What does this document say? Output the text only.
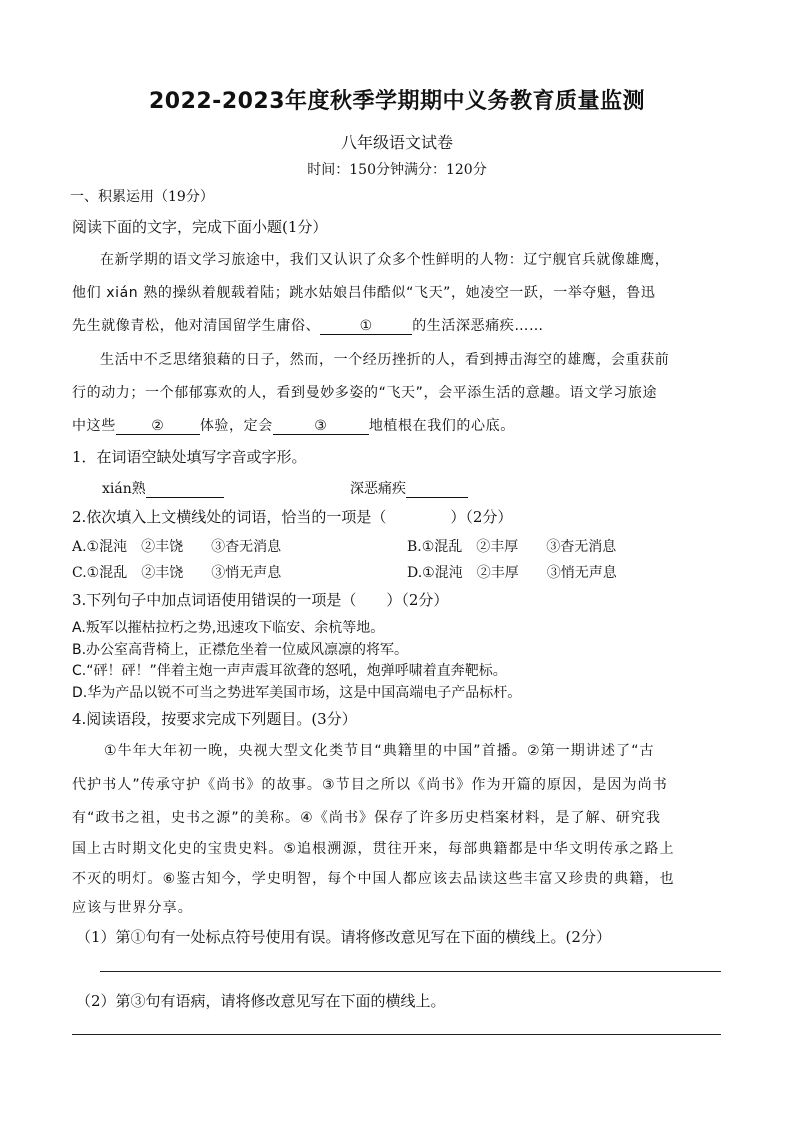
2022-2023年度秋季学期期中义务教育质量监测
八年级语文试卷
时间：150分钟满分：120分
一、积累运用（19分）
阅读下面的文字，完成下面小题(1分）
在新学期的语文学习旅途中，我们又认识了众多个性鲜明的人物：辽宁舰官兵就像雄鹰，
他们 xián 熟的操纵着舰载着陆；跳水姑娘吕伟酷似“飞天”，她凌空一跃，一举夺魁，鲁迅
先生就像青松，他对清国留学生庸俗、	①	的生活深恶痛疾……
生活中不乏思绪狼藉的日子，然而，一个经历挫折的人，看到搏击海空的雄鹰，会重获前
行的动力；一个郁郁寡欢的人，看到曼妙多姿的“飞天”，会平添生活的意趣。语文学习旅途
中这些	②	体验，定会	③	地植根在我们的心底。
1．在词语空缺处填写字音或字形。
xián熟	深恶痛疾
2.依次填入上文横线处的词语，恰当的一项是（	）（2分）
A.①混沌　②丰饶　　③杳无消息	B.①混乱　②丰厚　　③杳无消息
C.①混乱　②丰饶　　③悄无声息	D.①混沌　②丰厚　　③悄无声息
3.下列句子中加点词语使用错误的一项是（　　）（2分）
A.叛军以摧枯拉朽之势,迅速攻下临安、余杭等地。
B.办公室高背椅上，正襟危坐着一位威风凛凛的将军。
C.“砰！砰！”伴着主炮一声声震耳欲聋的怒吼，炮弹呼啸着直奔靶标。
D.华为产品以锐不可当之势进军美国市场，这是中国高端电子产品标杆。
4.阅读语段，按要求完成下列题目。(3分）
①牛年大年初一晚，央视大型文化类节目“典籍里的中国”首播。②第一期讲述了“古
代护书人”传承守护《尚书》的故事。③节目之所以《尚书》作为开篇的原因，是因为尚书
有“政书之祖，史书之源”的美称。④《尚书》保存了许多历史档案材料，是了解、研究我
国上古时期文化史的宝贵史料。⑤追根溯源，贯往开来，每部典籍都是中华文明传承之路上
不灭的明灯。⑥鉴古知今，学史明智，每个中国人都应该去品读这些丰富又珍贵的典籍，也
应该与世界分享。
（1）第①句有一处标点符号使用有误。请将修改意见写在下面的横线上。(2分）
（2）第③句有语病，请将修改意见写在下面的横线上。
